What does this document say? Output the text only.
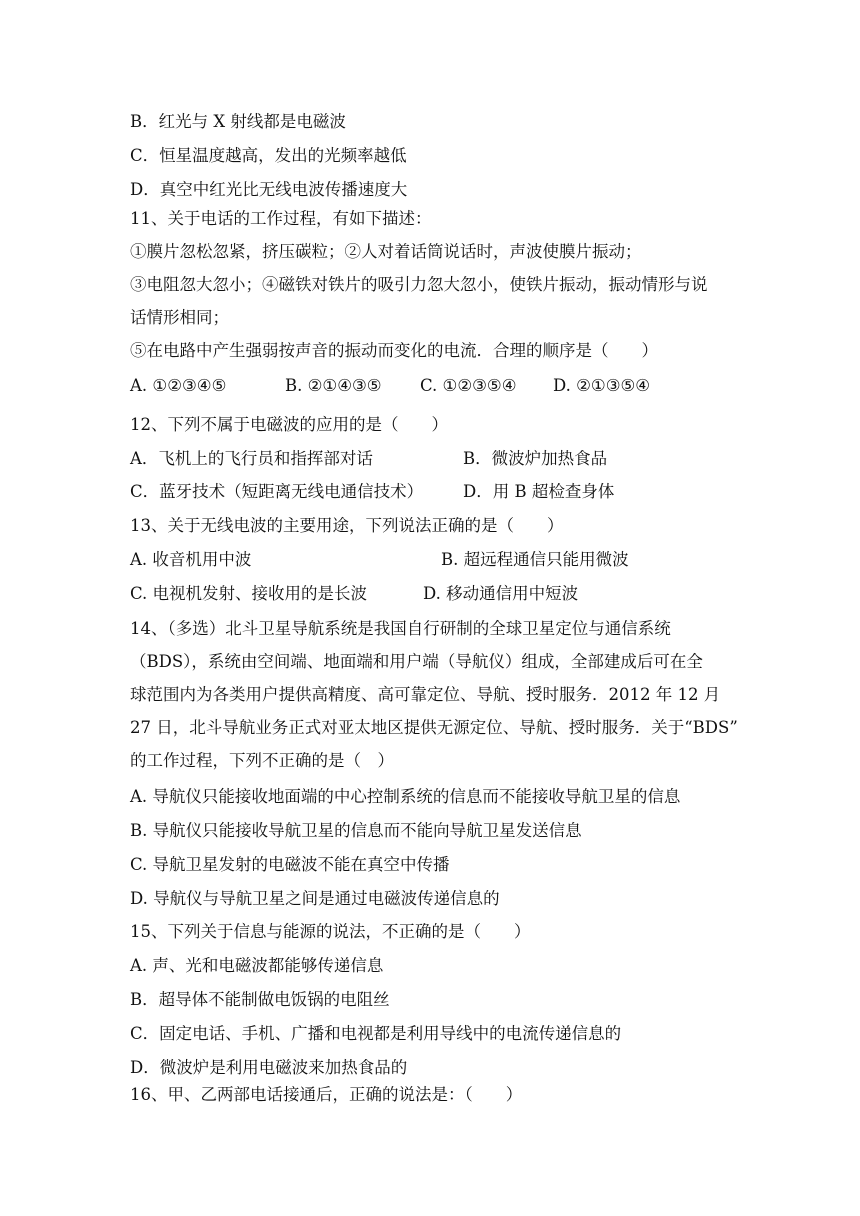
B．红光与 X 射线都是电磁波
C．恒星温度越高，发出的光频率越低
D．真空中红光比无线电波传播速度大
11、关于电话的工作过程，有如下描述：
①膜片忽松忽紧，挤压碳粒；②人对着话筒说话时，声波使膜片振动；
③电阻忽大忽小；④磁铁对铁片的吸引力忽大忽小，使铁片振动，振动情形与说
话情形相同；
⑤在电路中产生强弱按声音的振动而变化的电流．合理的顺序是（　　）
A. ①②③④⑤	B. ②①④③⑤ C. ①②③⑤④ D. ②①③⑤④
12、下列不属于电磁波的应用的是（　　）
A．飞机上的飞行员和指挥部对话	B．微波炉加热食品
C．蓝牙技术（短距离无线电通信技术） D．用 B 超检查身体
13、关于无线电波的主要用途，下列说法正确的是（　　）
A. 收音机用中波	B. 超远程通信只能用微波
C. 电视机发射、接收用的是长波	D. 移动通信用中短波
14、（多选）北斗卫星导航系统是我国自行研制的全球卫星定位与通信系统
（BDS），系统由空间端、地面端和用户端（导航仪）组成，全部建成后可在全
球范围内为各类用户提供高精度、高可靠定位、导航、授时服务．2012 年 12 月
27 日，北斗导航业务正式对亚太地区提供无源定位、导航、授时服务．关于“BDS”
的工作过程，下列不正确的是（　）
A. 导航仪只能接收地面端的中心控制系统的信息而不能接收导航卫星的信息
B. 导航仪只能接收导航卫星的信息而不能向导航卫星发送信息
C. 导航卫星发射的电磁波不能在真空中传播
D. 导航仪与导航卫星之间是通过电磁波传递信息的
15、下列关于信息与能源的说法，不正确的是（　　）
A. 声、光和电磁波都能够传递信息
B．超导体不能制做电饭锅的电阻丝
C．固定电话、手机、广播和电视都是利用导线中的电流传递信息的
D．微波炉是利用电磁波来加热食品的
16、甲、乙两部电话接通后，正确的说法是：（　　）
